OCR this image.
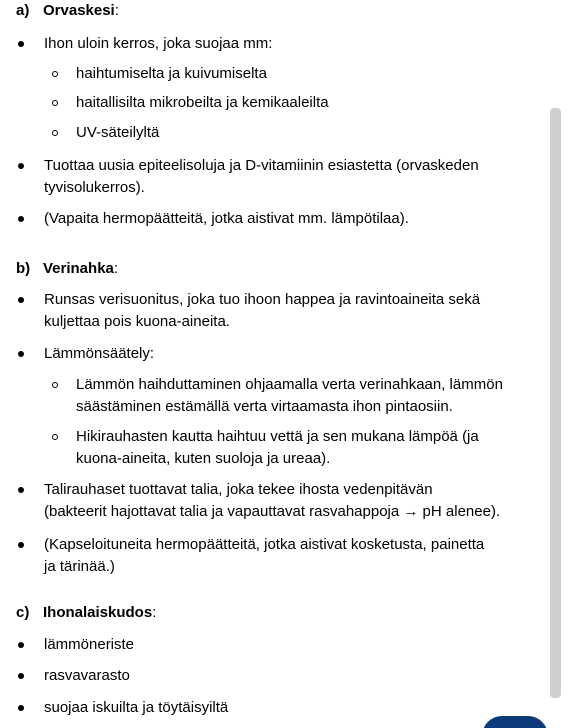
a) Orvaskesi:
Ihon uloin kerros, joka suojaa mm:
haihtumiselta ja kuivumiselta
haitallisilta mikrobeilta ja kemikaaleilta
UV-säteilyltä
Tuottaa uusia epiteelisoluja ja D-vitamiinin esiastetta (orvaskeden
tyvisolukerros).
(Vapaita hermopäätteitä, jotka aistivat mm. lämpötilaa).
b) Verinahka:
Runsas verisuonitus, joka tuo ihoon happea ja ravintoaineita sekä
kuljettaa pois kuona-aineita.
Lämmönsäätely:
Lämmön haihduttaminen ohjaamalla verta verinahkaan, lämmön
säästäminen estämällä verta virtaamasta ihon pintaosiin.
Hikirauhasten kautta haihtuu vettä ja sen mukana lämpöä (ja
kuona-aineita, kuten suoloja ja ureaa).
Talirauhaset tuottavat talia, joka tekee ihosta vedenpitävän
(bakteerit hajottavat talia ja vapauttavat rasvahappoja → pH alenee).
(Kapseloituneita hermopäätteitä, jotka aistivat kosketusta, painetta
ja tärinää.)
c) Ihonalaiskudos:
lämmöneriste
rasvavarasto
suojaa iskuilta ja töytäisyiltä
